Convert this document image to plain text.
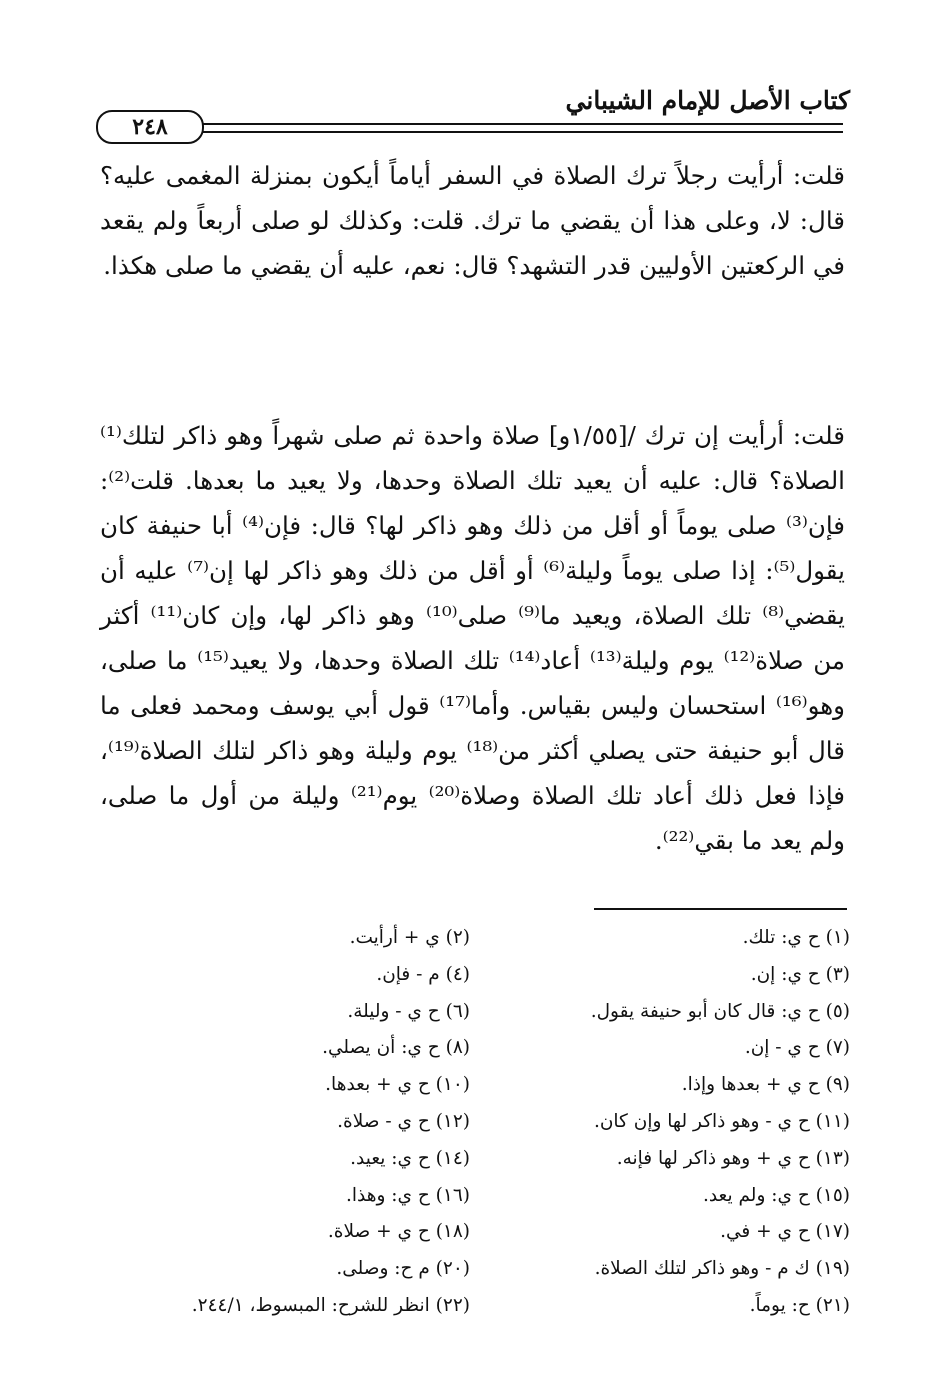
كتاب الأصل للإمام الشيباني
٢٤٨
قلت: أرأيت رجلاً ترك الصلاة في السفر أياماً أيكون بمنزلة المغمى عليه؟ قال: لا، وعلى هذا أن يقضي ما ترك. قلت: وكذلك لو صلى أربعاً ولم يقعد في الركعتين الأوليين قدر التشهد؟ قال: نعم، عليه أن يقضي ما صلى هكذا.
قلت: أرأيت إن ترك /[١/٥٥و] صلاة واحدة ثم صلى شهراً وهو ذاكر لتلك⁽¹⁾ الصلاة؟ قال: عليه أن يعيد تلك الصلاة وحدها، ولا يعيد ما بعدها. قلت⁽²⁾: فإن⁽³⁾ صلى يوماً أو أقل من ذلك وهو ذاكر لها؟ قال: فإن⁽⁴⁾ أبا حنيفة كان يقول⁽⁵⁾: إذا صلى يوماً وليلة⁽⁶⁾ أو أقل من ذلك وهو ذاكر لها إن⁽⁷⁾ عليه أن يقضي⁽⁸⁾ تلك الصلاة، ويعيد ما⁽⁹⁾ صلى⁽¹⁰⁾ وهو ذاكر لها، وإن كان⁽¹¹⁾ أكثر من صلاة⁽¹²⁾ يوم وليلة⁽¹³⁾ أعاد⁽¹⁴⁾ تلك الصلاة وحدها، ولا يعيد⁽¹⁵⁾ ما صلى، وهو⁽¹⁶⁾ استحسان وليس بقياس. وأما⁽¹⁷⁾ قول أبي يوسف ومحمد فعلى ما قال أبو حنيفة حتى يصلي أكثر من⁽¹⁸⁾ يوم وليلة وهو ذاكر لتلك الصلاة⁽¹⁹⁾، فإذا فعل ذلك أعاد تلك الصلاة وصلاة⁽²⁰⁾ يوم⁽²¹⁾ وليلة من أول ما صلى، ولم يعد ما بقي⁽²²⁾.
(١) ح ي: تلك.
(٣) ح ي: إن.
(٥) ح ي: قال كان أبو حنيفة يقول.
(٧) ح ي - إن.
(٩) ح ي + بعدها وإذا.
(١١) ح ي - وهو ذاكر لها وإن كان.
(١٣) ح ي + وهو ذاكر لها فإنه.
(١٥) ح ي: ولم يعد.
(١٧) ح ي + في.
(١٩) ك م - وهو ذاكر لتلك الصلاة.
(٢١) ح: يوماً.
(٢) ي + أرأيت.
(٤) م - فإن.
(٦) ح ي - وليلة.
(٨) ح ي: أن يصلي.
(١٠) ح ي + بعدها.
(١٢) ح ي - صلاة.
(١٤) ح ي: يعيد.
(١٦) ح ي: وهذا.
(١٨) ح ي + صلاة.
(٢٠) م ح: وصلى.
(٢٢) انظر للشرح: المبسوط، ٢٤٤/١.
